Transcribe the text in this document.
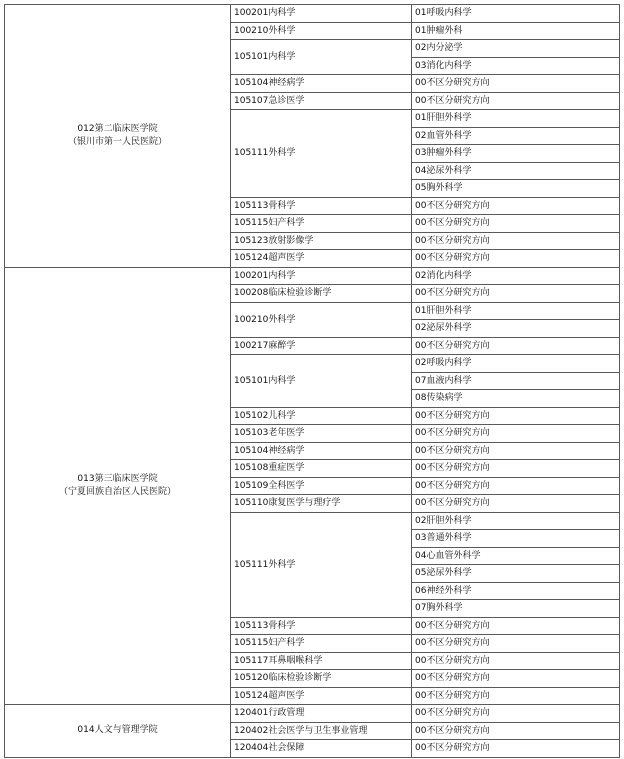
012第二临床医学院
（银川市第一人民医院）	100201内科学	01呼吸内科学
	100210外科学	01肿瘤外科
	105101内科学	02内分泌学
		03消化内科学
	105104神经病学	00不区分研究方向
	105107急诊医学	00不区分研究方向
	105111外科学	01肝胆外科学
		02血管外科学
		03肿瘤外科学
		04泌尿外科学
		05胸外科学
	105113骨科学	00不区分研究方向
	105115妇产科学	00不区分研究方向
	105123放射影像学	00不区分研究方向
	105124超声医学	00不区分研究方向

013第三临床医学院
（宁夏回族自治区人民医院）	100201内科学	02消化内科学
	100208临床检验诊断学	00不区分研究方向
	100210外科学	01肝胆外科学
		02泌尿外科学
	100217麻醉学	00不区分研究方向
	105101内科学	02呼吸内科学
		07血液内科学
		08传染病学
	105102儿科学	00不区分研究方向
	105103老年医学	00不区分研究方向
	105104神经病学	00不区分研究方向
	105108重症医学	00不区分研究方向
	105109全科医学	00不区分研究方向
	105110康复医学与理疗学	00不区分研究方向
	105111外科学	02肝胆外科学
		03普通外科学
		04心血管外科学
		05泌尿外科学
		06神经外科学
		07胸外科学
	105113骨科学	00不区分研究方向
	105115妇产科学	00不区分研究方向
	105117耳鼻咽喉科学	00不区分研究方向
	105120临床检验诊断学	00不区分研究方向
	105124超声医学	00不区分研究方向

014人文与管理学院	120401行政管理	00不区分研究方向
	120402社会医学与卫生事业管理	00不区分研究方向
	120404社会保障	00不区分研究方向
